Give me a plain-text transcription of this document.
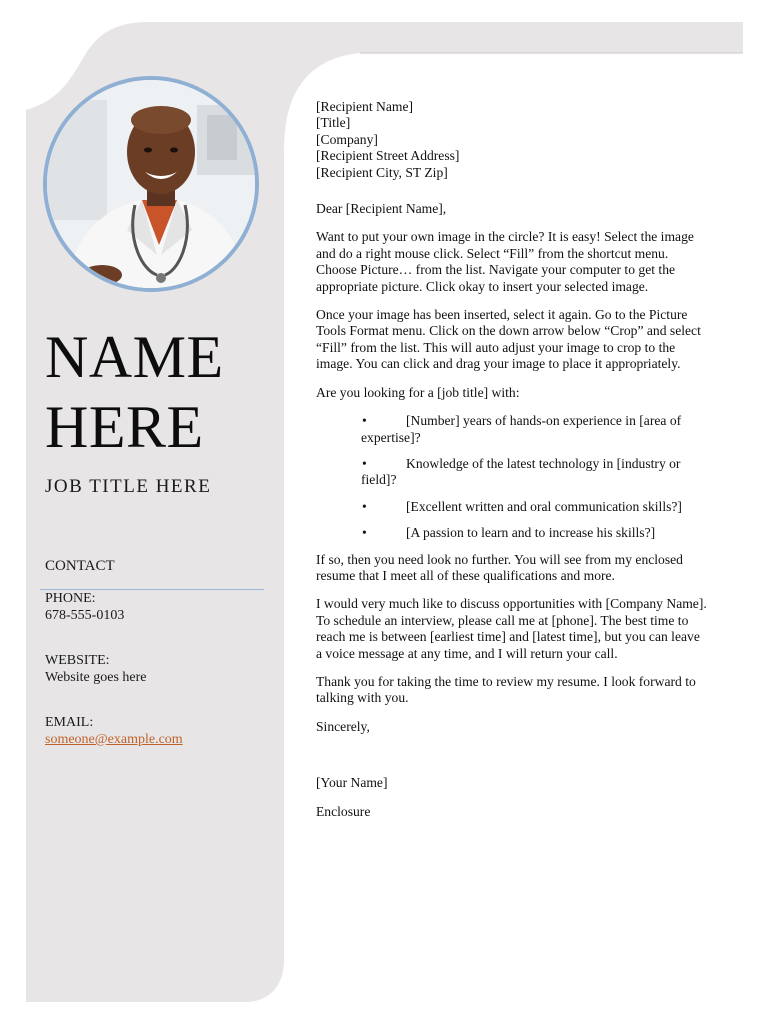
NAME
HERE
JOB TITLE HERE
CONTACT
PHONE:
678-555-0103
WEBSITE:
Website goes here
EMAIL:
someone@example.com

[Recipient Name]
[Title]
[Company]
[Recipient Street Address]
[Recipient City, ST Zip]

Dear [Recipient Name],

Want to put your own image in the circle? It is easy! Select the image and do a right mouse click. Select “Fill” from the shortcut menu. Choose Picture… from the list. Navigate your computer to get the appropriate picture. Click okay to insert your selected image.

Once your image has been inserted, select it again. Go to the Picture Tools Format menu. Click on the down arrow below “Crop” and select “Fill” from the list. This will auto adjust your image to crop to the image. You can click and drag your image to place it appropriately.

Are you looking for a [job title] with:

•	[Number] years of hands-on experience in [area of expertise]?
•	Knowledge of the latest technology in [industry or field]?
•	[Excellent written and oral communication skills?]
•	[A passion to learn and to increase his skills?]

If so, then you need look no further. You will see from my enclosed resume that I meet all of these qualifications and more.

I would very much like to discuss opportunities with [Company Name]. To schedule an interview, please call me at [phone]. The best time to reach me is between [earliest time] and [latest time], but you can leave a voice message at any time, and I will return your call.

Thank you for taking the time to review my resume. I look forward to talking with you.

Sincerely,

[Your Name]

Enclosure
